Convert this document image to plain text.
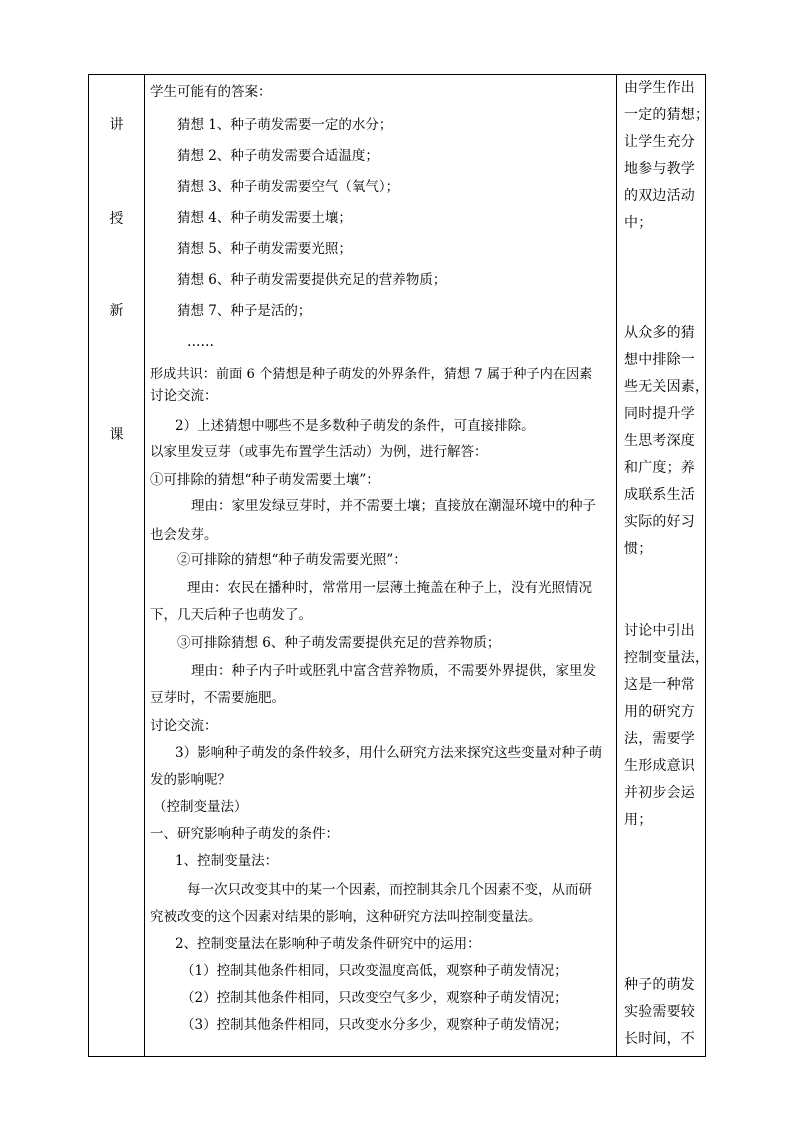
讲
授
新
课
学生可能有的答案：
猜想 1、种子萌发需要一定的水分；
猜想 2、种子萌发需要合适温度；
猜想 3、种子萌发需要空气（氧气）；
猜想 4、种子萌发需要土壤；
猜想 5、种子萌发需要光照；
猜想 6、种子萌发需要提供充足的营养物质；
猜想 7、种子是活的；
……
形成共识：前面 6 个猜想是种子萌发的外界条件，猜想 7 属于种子内在因素
讨论交流：
2）上述猜想中哪些不是多数种子萌发的条件，可直接排除。
以家里发豆芽（或事先布置学生活动）为例，进行解答：
①可排除的猜想“种子萌发需要土壤”：
理由：家里发绿豆芽时，并不需要土壤；直接放在潮湿环境中的种子
也会发芽。
②可排除的猜想“种子萌发需要光照”：
理由：农民在播种时，常常用一层薄土掩盖在种子上，没有光照情况
下，几天后种子也萌发了。
③可排除猜想 6、种子萌发需要提供充足的营养物质；
理由：种子内子叶或胚乳中富含营养物质，不需要外界提供，家里发
豆芽时，不需要施肥。
讨论交流：
3）影响种子萌发的条件较多，用什么研究方法来探究这些变量对种子萌
发的影响呢？
（控制变量法）
一、研究影响种子萌发的条件：
1、控制变量法：
每一次只改变其中的某一个因素，而控制其余几个因素不变，从而研
究被改变的这个因素对结果的影响，这种研究方法叫控制变量法。
2、控制变量法在影响种子萌发条件研究中的运用：
（1）控制其他条件相同，只改变温度高低，观察种子萌发情况；
（2）控制其他条件相同，只改变空气多少，观察种子萌发情况；
（3）控制其他条件相同，只改变水分多少，观察种子萌发情况；
由学生作出
一定的猜想；
让学生充分
地参与教学
的双边活动
中；
从众多的猜
想中排除一
些无关因素，
同时提升学
生思考深度
和广度；养
成联系生活
实际的好习
惯；
讨论中引出
控制变量法，
这是一种常
用的研究方
法，需要学
生形成意识
并初步会运
用；
种子的萌发
实验需要较
长时间，不
